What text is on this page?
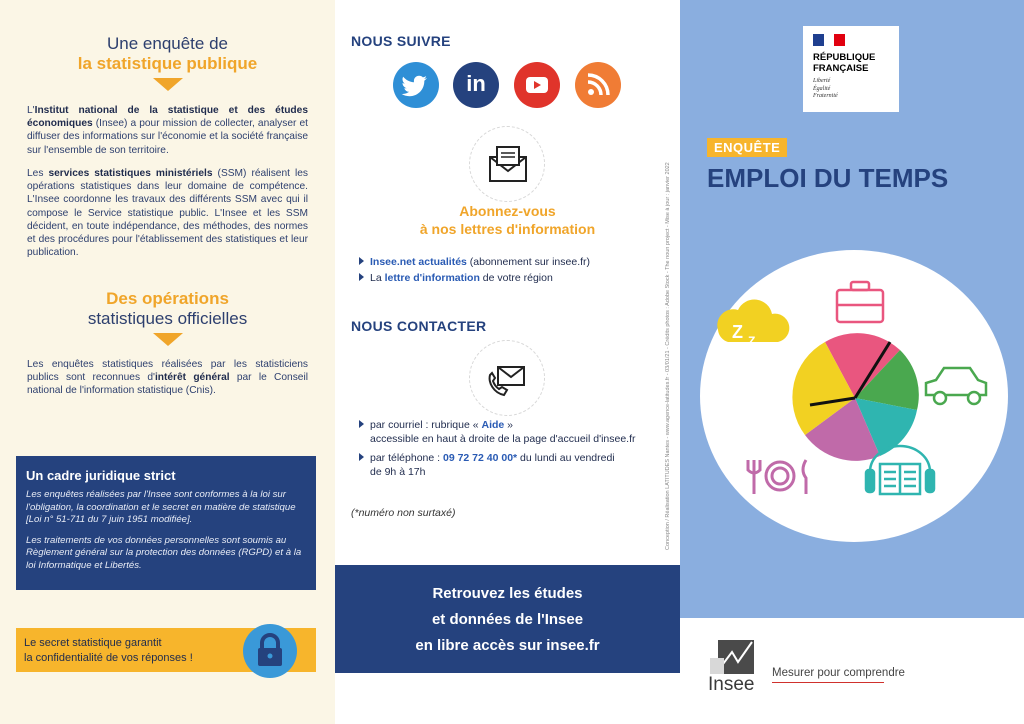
Une enquête de
la statistique publique

L'Institut national de la statistique et des études économiques (Insee) a pour mission de collecter, analyser et diffuser des informations sur l'économie et la société française sur l'ensemble de son territoire.

Les services statistiques ministériels (SSM) réalisent les opérations statistiques dans leur domaine de compétence. L'Insee coordonne les travaux des différents SSM avec qui il compose le Service statistique public. L'Insee et les SSM décident, en toute indépendance, des méthodes, des normes et des procédures pour l'établissement des statistiques et leur publication.

Des opérations
statistiques officielles

Les enquêtes statistiques réalisées par les statisticiens publics sont reconnues d'intérêt général par le Conseil national de l'information statistique (Cnis).

Un cadre juridique strict

Les enquêtes réalisées par l'Insee sont conformes à la loi sur l'obligation, la coordination et le secret en matière de statistique [Loi n° 51-711 du 7 juin 1951 modifiée].

Les traitements de vos données personnelles sont soumis au Règlement général sur la protection des données (RGPD) et à la loi Informatique et Libertés.

Le secret statistique garantit
la confidentialité de vos réponses !
NOUS SUIVRE
in
Abonnez-vous
à nos lettres d'information
Insee.net actualités (abonnement sur insee.fr)
La lettre d'information de votre région
NOUS CONTACTER
par courriel : rubrique « Aide »
accessible en haut à droite de la page d'accueil d'insee.fr
par téléphone : 09 72 72 40 00* du lundi au vendredi
de 9h à 17h
(*numéro non surtaxé)	Conception / Réalisation LATITUDES Nantes - www.agence-latitudes.fr - 03/01/21 - Crédits photos : Adobe Stock - The noun project - Mise à jour : janvier 2022
Retrouvez les études
et données de l'Insee
en libre accès sur insee.fr
RÉPUBLIQUE
FRANÇAISE
Liberté
Égalité
Fraternité
ENQUÊTE
EMPLOI DU TEMPS
Z Z Z
Insee
Mesurer pour comprendre
